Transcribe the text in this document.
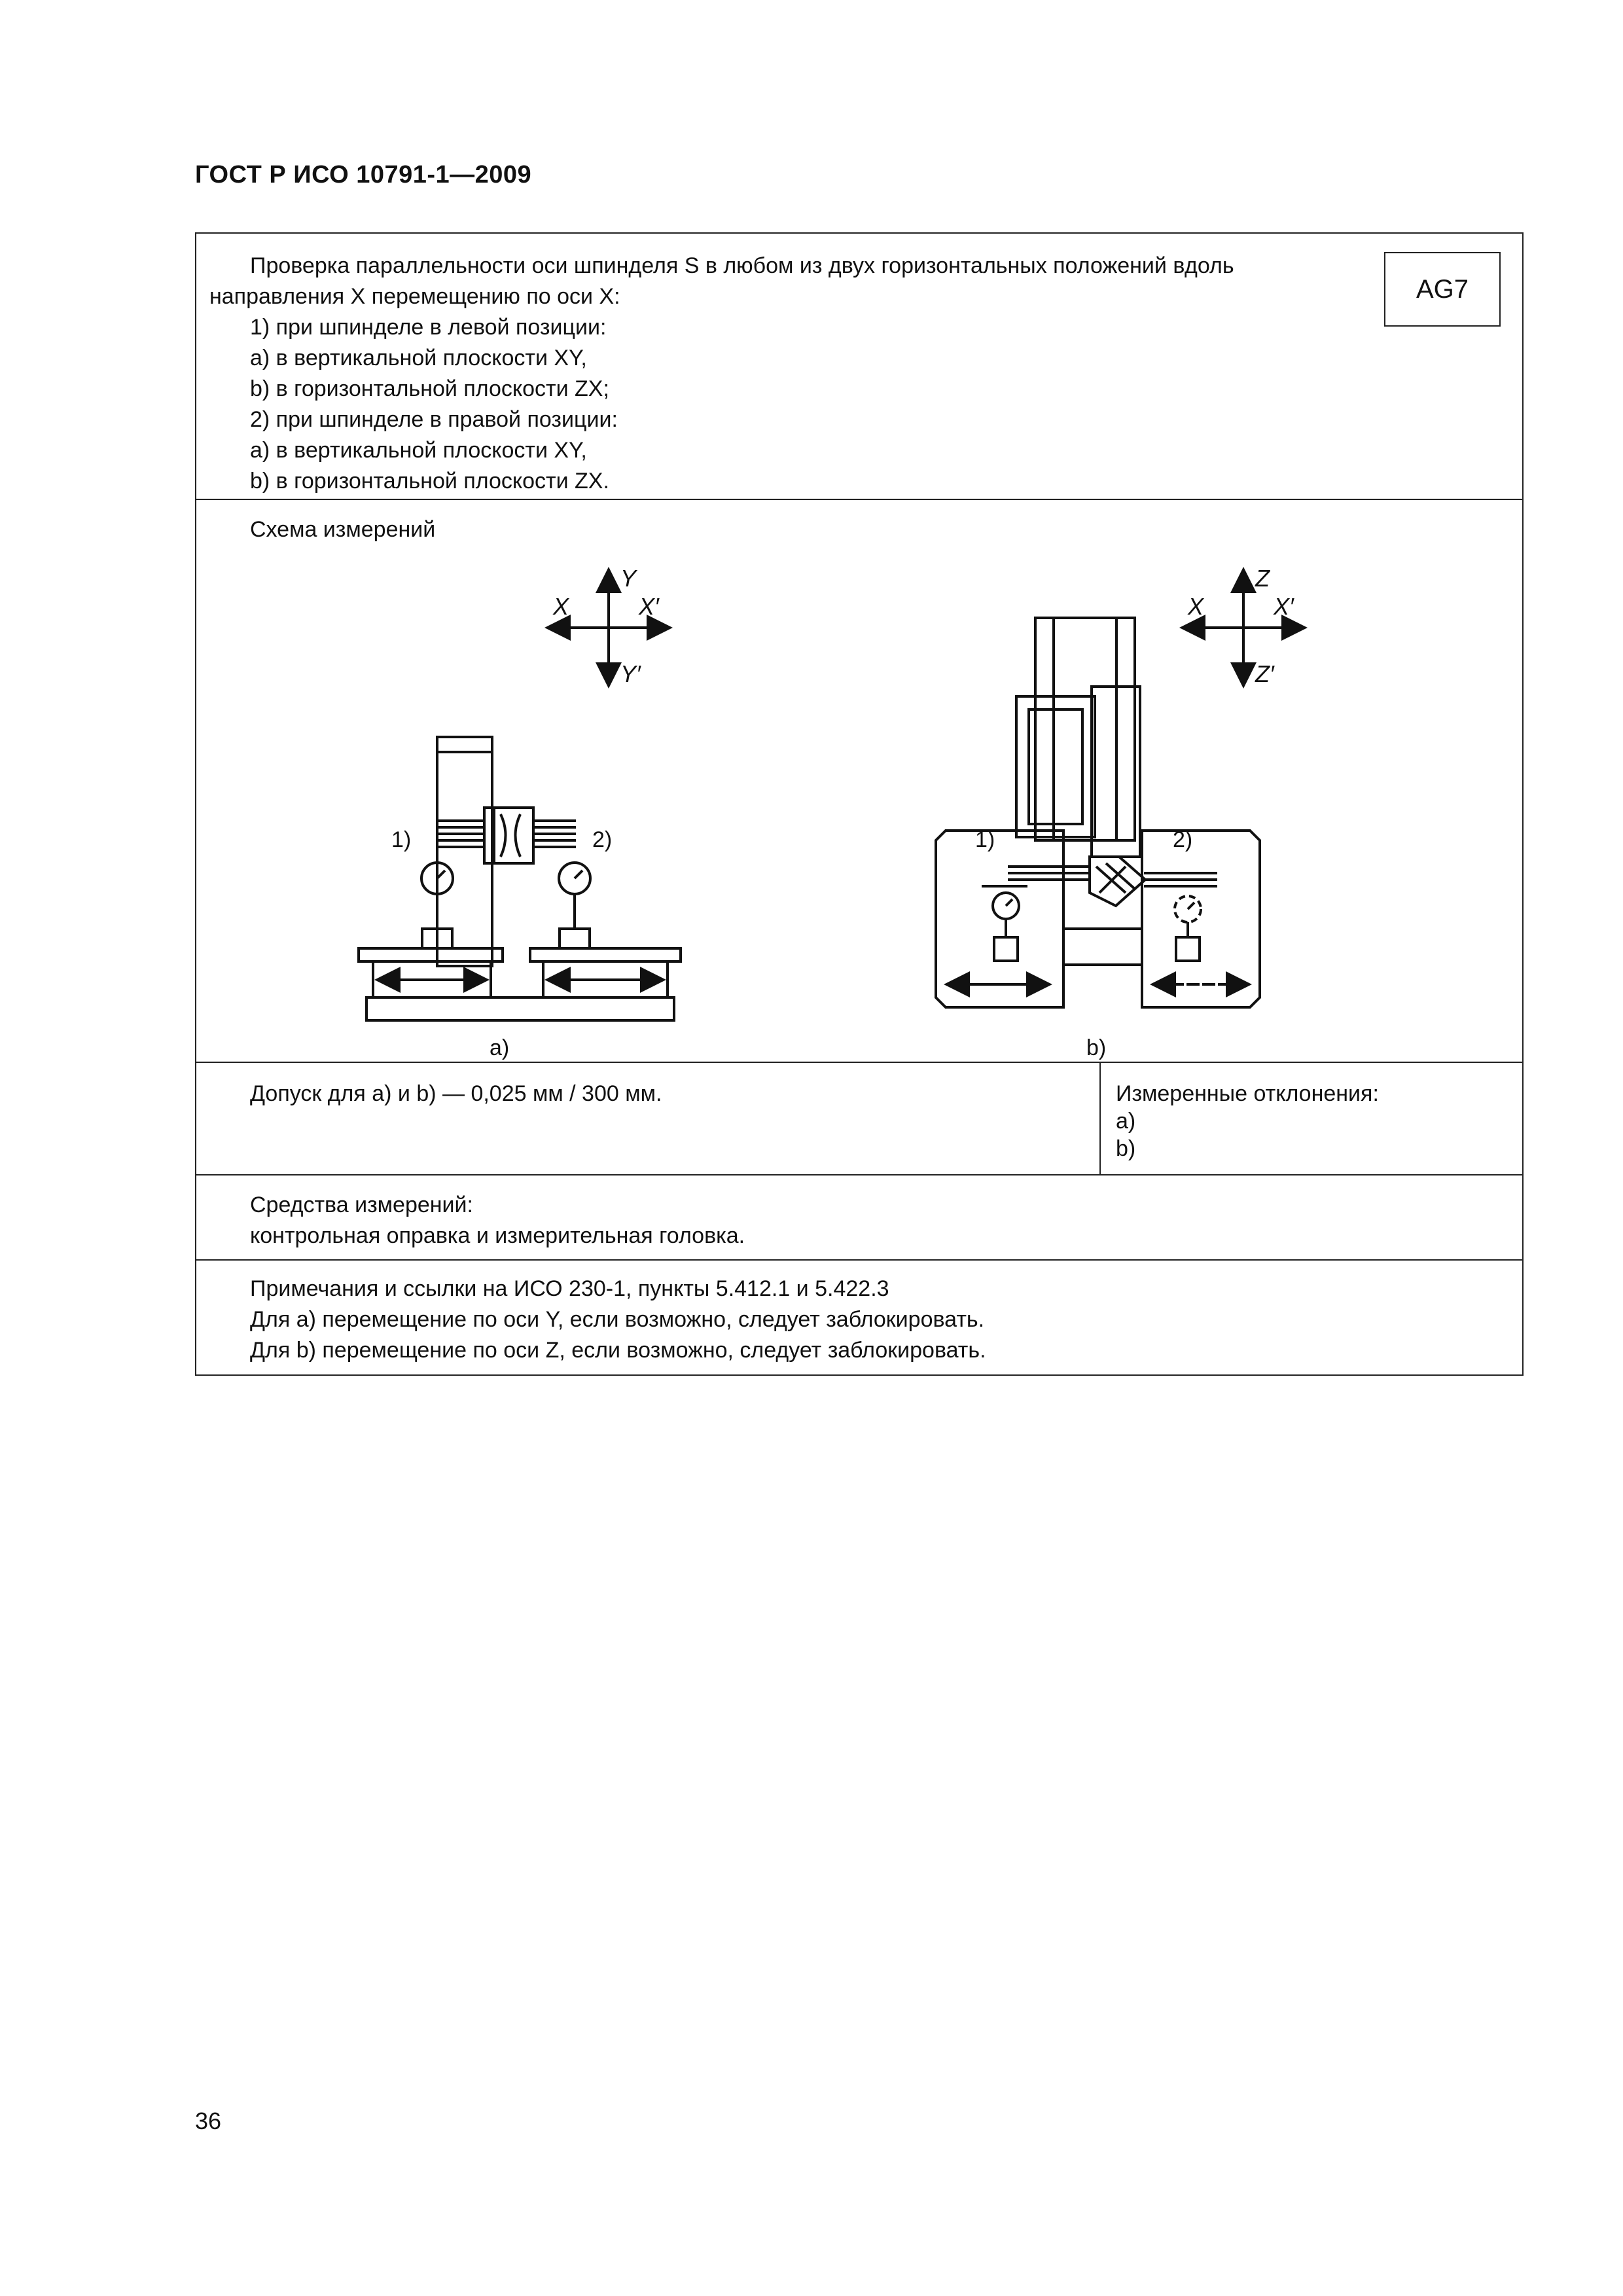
ГОСТ Р ИСО 10791-1—2009
Проверка параллельности оси шпинделя S в любом из двух горизонтальных положений вдоль
направления X перемещению по оси X:
1) при шпинделе в левой позиции:
a) в вертикальной плоскости XY,
b) в горизонтальной плоскости ZX;
2) при шпинделе в правой позиции:
a) в вертикальной плоскости XY,
b) в горизонтальной плоскости ZX.
AG7
Схема измерений
X	X′
Y
Y′
X	X′
Z
Z′
1)	2)
a)
1)	2)
b)
Допуск для a) и b) — 0,025 мм / 300 мм.	Измеренные отклонения:
a)
b)
Средства измерений:
контрольная оправка и измерительная головка.
Примечания и ссылки на ИСО 230-1, пункты 5.412.1 и 5.422.3
Для a) перемещение по оси Y, если возможно, следует заблокировать.
Для b) перемещение по оси Z, если возможно, следует заблокировать.
36
